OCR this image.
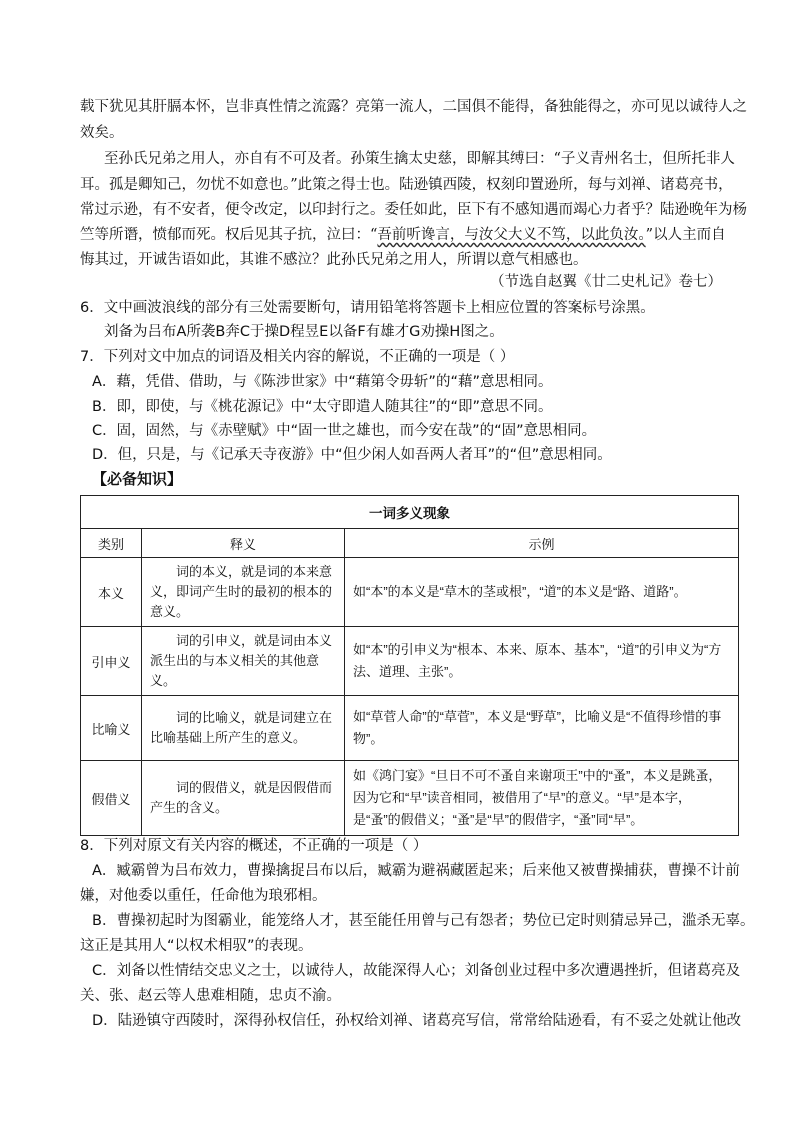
载下犹见其肝膈本怀，岂非真性情之流露？亮第一流人，二国俱不能得，备独能得之，亦可见以诚待人之
效矣。
至孙氏兄弟之用人，亦自有不可及者。孙策生擒太史慈，即解其缚曰：“子义青州名士，但所托非人
耳。孤是卿知己，勿忧不如意也。”此策之得士也。陆逊镇西陵，权刻印置逊所，每与刘禅、诸葛亮书，
常过示逊，有不安者，便令改定，以印封行之。委任如此，臣下有不感知遇而竭心力者乎？陆逊晚年为杨
竺等所谮，愤郁而死。权后见其子抗，泣曰：“吾前听谗言，与汝父大义不笃，以此负汝。”以人主而自
悔其过，开诚吿语如此，其谁不感泣？此孙氏兄弟之用人，所谓以意气相感也。
（节选自赵翼《廿二史札记》卷七）
6．文中画波浪线的部分有三处需要断句，请用铅笔将答题卡上相应位置的答案标号涂黑。
刘备为吕布A所袭B奔C于操D程昱E以备F有雄才G劝操H图之。
7．下列对文中加点的词语及相关内容的解说，不正确的一项是（ ）
A．藉，凭借、借助，与《陈涉世家》中“藉第令毋斩”的“藉”意思相同。
B．即，即使，与《桃花源记》中“太守即遣人随其往”的“即”意思不同。
C．固，固然，与《赤壁赋》中“固一世之雄也，而今安在哉”的“固”意思相同。
D．但，只是，与《记承天寺夜游》中“但少闲人如吾两人者耳”的“但”意思相同。
【必备知识】
一词多义现象		
类别	释义	示例
本义	词的本义，就是词的本来意义，即词产生时的最初的根本的意义。	如“本”的本义是“草木的茎或根”，“道”的本义是“路、道路”。
引申义	词的引申义，就是词由本义派生出的与本义相关的其他意义。	如“本”的引申义为“根本、本来、原本、基本”，“道”的引申义为“方法、道理、主张”。
比喻义	词的比喻义，就是词建立在比喻基础上所产生的意义。	如“草菅人命”的“草菅”，本义是“野草”，比喻义是“不值得珍惜的事物”。
假借义	词的假借义，就是因假借而产生的含义。	如《鸿门宴》“旦日不可不蚤自来谢项王”中的“蚤”，本义是跳蚤，因为它和“早”读音相同，被借用了“早”的意义。“早”是本字，是“蚤”的假借义；“蚤”是“早”的假借字，“蚤”同“早”。
8．下列对原文有关内容的概述，不正确的一项是（ ）
A．臧霸曾为吕布效力，曹操擒捉吕布以后，臧霸为避祸藏匿起来；后来他又被曹操捕获，曹操不计前
嫌，对他委以重任，任命他为琅邪相。
B．曹操初起时为图霸业，能笼络人才，甚至能任用曾与己有怨者；势位已定时则猜忌异己，滥杀无辜。
这正是其用人“以权术相驭”的表现。
C．刘备以性情结交忠义之士，以诚待人，故能深得人心；刘备创业过程中多次遭遇挫折，但诸葛亮及
关、张、赵云等人患难相随，忠贞不渝。
D．陆逊镇守西陵时，深得孙权信任，孙权给刘禅、诸葛亮写信，常常给陆逊看，有不妥之处就让他改
